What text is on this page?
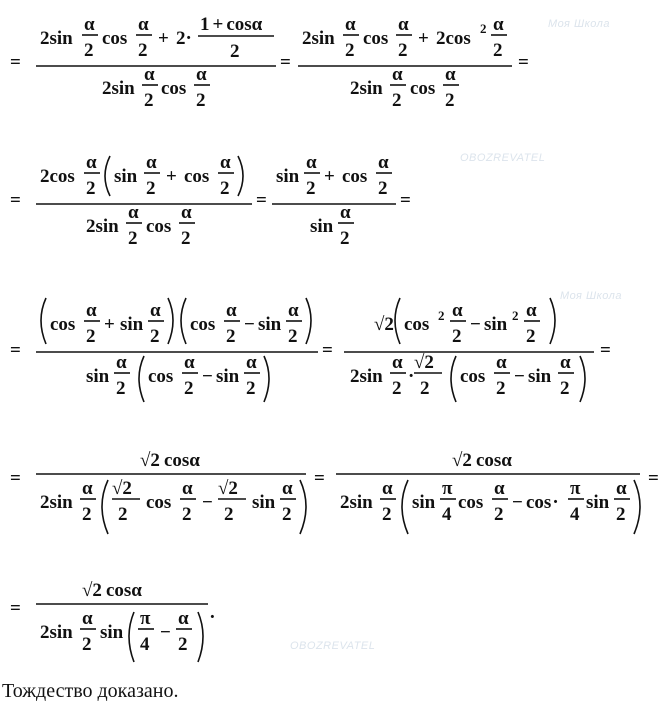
Моя Школа
OBOZREVATEL
Моя Школа
OBOZREVATEL
=
2sin
α
2
cos
α
2
+ 2·
1 + cosα
2
2sin
α
2
cos
α
2
=
2sin
α
2
cos
α
2
+ 2cos 2 α
2
2sin
α
2
cos
α
2
=
=
2cos
α
2
sin
α
2
+ cos
α
2
2sin
α
2
cos
α
2
=
sin
α
2
+ cos
α
2
sin
α
2
=
=
cos
α
2
+ sin
α
2
cos
α
2
− sin
α
2
sin
α
2
cos
α
2
− sin
α
2
=
√2 cos 2 α
2
− sin 2 α
2
2sin
α
2
·
√2
2
cos
α
2
− sin
α
2
=
=
√2 cosα
2sin
α
2
√2
2
cos
α
2
−
√2
2
sin
α
2
=
√2 cosα
2sin
α
2
sin
π
4
cos
α
2
− cos·
π
4
sin
α
2
=
=
√2 cosα
2sin
α
2
sin
π
4
−
α
2
.
Тождество доказано.
